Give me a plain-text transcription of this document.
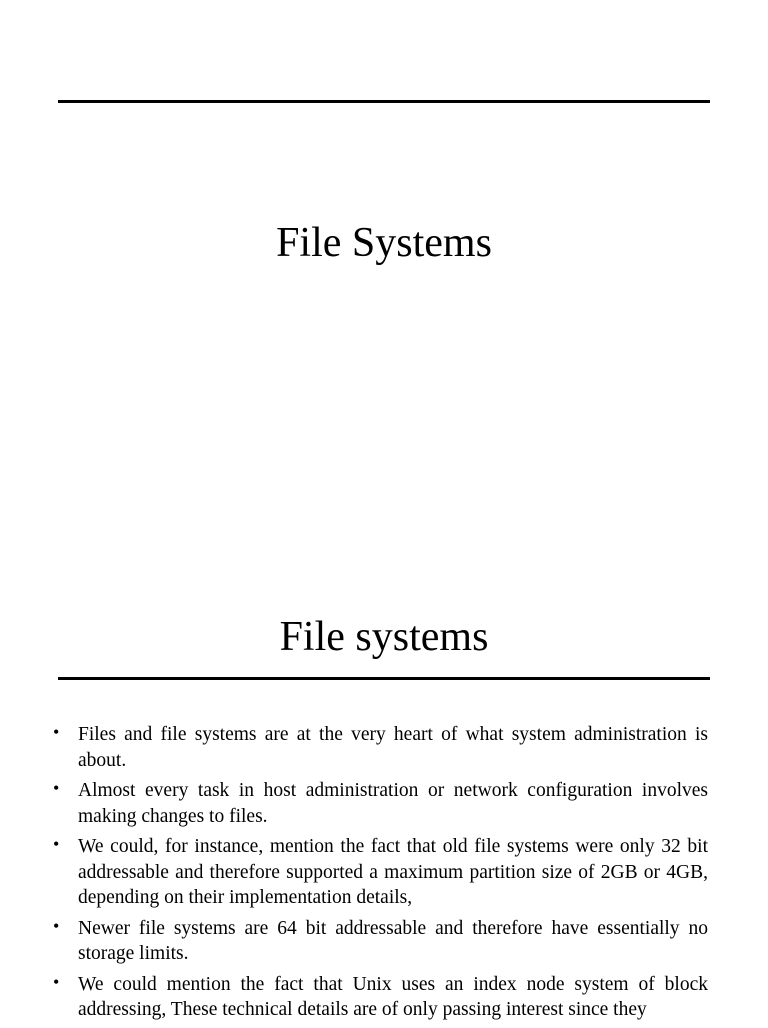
File Systems
File systems
• Files and file systems are at the very heart of what system administration is about.
• Almost every task in host administration or network configuration involves making changes to files.
• We could, for instance, mention the fact that old file systems were only 32 bit addressable and therefore supported a maximum partition size of 2GB or 4GB, depending on their implementation details,
• Newer file systems are 64 bit addressable and therefore have essentially no storage limits.
• We could mention the fact that Unix uses an index node system of block addressing, These technical details are of only passing interest since they
